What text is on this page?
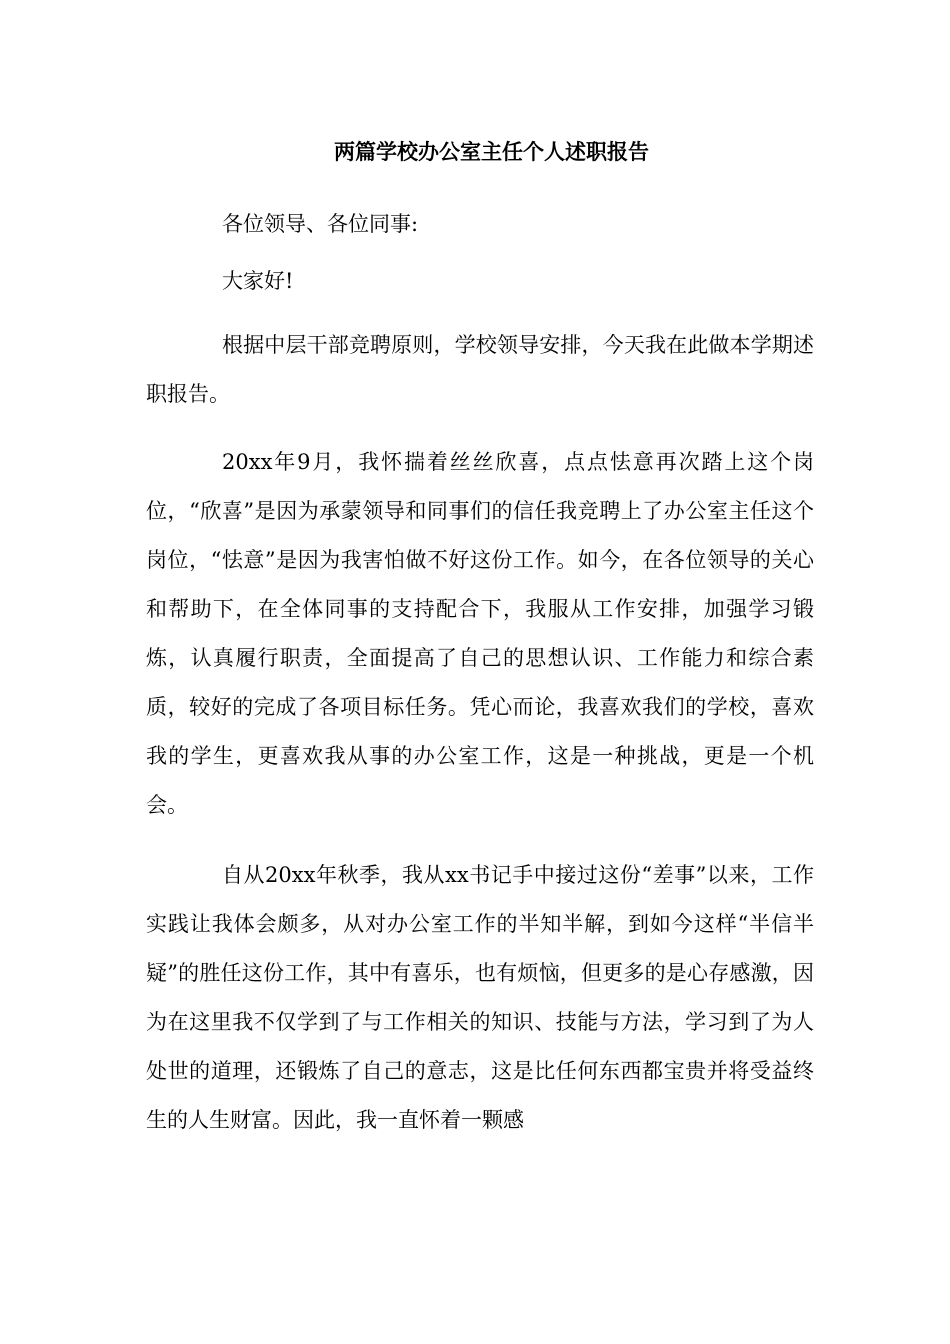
两篇学校办公室主任个人述职报告

各位领导、各位同事:

大家好!

根据中层干部竞聘原则，学校领导安排，今天我在此做本学期述职报告。

20xx年9月，我怀揣着丝丝欣喜，点点怯意再次踏上这个岗位，“欣喜”是因为承蒙领导和同事们的信任我竞聘上了办公室主任这个岗位，“怯意”是因为我害怕做不好这份工作。如今，在各位领导的关心和帮助下，在全体同事的支持配合下，我服从工作安排，加强学习锻炼，认真履行职责，全面提高了自己的思想认识、工作能力和综合素质，较好的完成了各项目标任务。凭心而论，我喜欢我们的学校，喜欢我的学生，更喜欢我从事的办公室工作，这是一种挑战，更是一个机会。

自从20xx年秋季，我从xx书记手中接过这份“差事”以来，工作实践让我体会颇多，从对办公室工作的半知半解，到如今这样“半信半疑”的胜任这份工作，其中有喜乐，也有烦恼，但更多的是心存感激，因为在这里我不仅学到了与工作相关的知识、技能与方法，学习到了为人处世的道理，还锻炼了自己的意志，这是比任何东西都宝贵并将受益终生的人生财富。因此，我一直怀着一颗感
